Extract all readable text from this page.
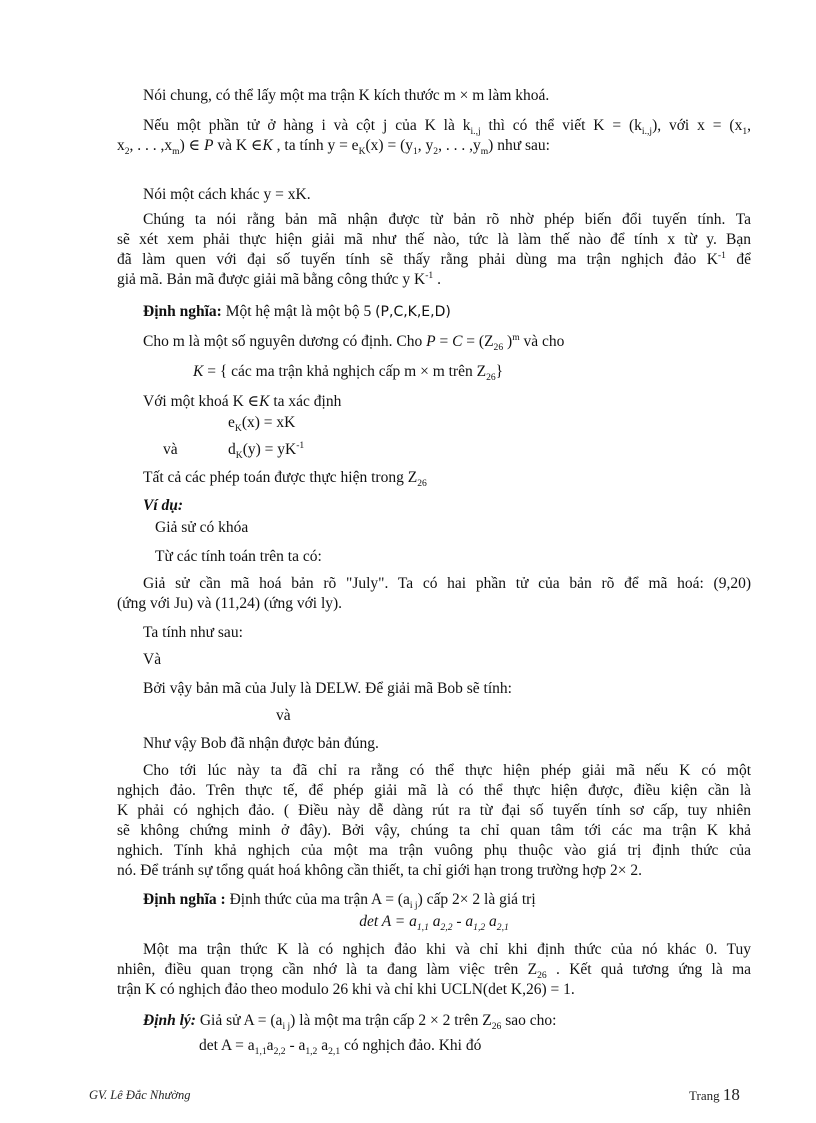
Nói chung, có thể lấy một ma trận K kích thước m × m làm khoá.
Nếu một phần tử ở hàng i và cột j của K là $k_{i.,j}$ thì có thể viết $K = (k_{i.,j})$, với $x = (x_1$,
$x_2$, . . . $,x_m$) ∈ P và K ∈K , ta tính $y = e_K(x) = (y_1$, $y_2$, . . . $,y_m$) như sau:
Nói một cách khác y = xK.
Chúng ta nói rằng bản mã nhận được từ bản rõ nhờ phép biến đổi tuyến tính. Ta
sẽ xét xem phải thực hiện giải mã như thế nào, tức là làm thế nào để tính x từ y. Bạn
đã làm quen với đại số tuyến tính sẽ thấy rằng phải dùng ma trận nghịch đảo $K^{-1}$ để
giả mã. Bản mã được giải mã bằng công thức y $K^{-1}$ .
Định nghĩa: Một hệ mật là một bộ 5 (P,C,K,E,D)
Cho m là một số nguyên dương có định. Cho $P = C = (Z_{26}$ )$^m$ và cho
K = { các ma trận khả nghịch cấp m × m trên $Z_{26}$}
Với một khoá K ∈K ta xác định
$e_K(x)$ = xK
và	$d_K(y) = yK^{-1}$
Tất cả các phép toán được thực hiện trong $Z_{26}$
Ví dụ:
Giả sử có khóa
Từ các tính toán trên ta có:
Giả sử cần mã hoá bản rõ "July". Ta có hai phần tử của bản rõ để mã hoá: (9,20)
(ứng với Ju) và (11,24) (ứng với ly).
Ta tính như sau:
Và
Bởi vậy bản mã của July là DELW. Để giải mã Bob sẽ tính:
và
Như vậy Bob đã nhận được bản đúng.
Cho tới lúc này ta đã chỉ ra rằng có thể thực hiện phép giải mã nếu K có một
nghịch đảo. Trên thực tế, để phép giải mã là có thể thực hiện được, điều kiện cần là
K phải có nghịch đảo. ( Điều này dễ dàng rút ra từ đại số tuyến tính sơ cấp, tuy nhiên
sẽ không chứng minh ở đây). Bởi vậy, chúng ta chỉ quan tâm tới các ma trận K khả
nghich. Tính khả nghịch của một ma trận vuông phụ thuộc vào giá trị định thức của
nó. Để tránh sự tổng quát hoá không cần thiết, ta chỉ giới hạn trong trường hợp 2× 2.
Định nghĩa : Định thức của ma trận $A = (a_{i j})$ cấp 2× 2 là giá trị
$\det A = a_{1,1}$ $a_{2,2} - a_{1,2}$ $a_{2,1}$
Một ma trận thức K là có nghịch đảo khi và chỉ khi định thức của nó khác 0. Tuy
nhiên, điều quan trọng cần nhớ là ta đang làm việc trên $Z_{26}$ . Kết quả tương ứng là ma
trận K có nghịch đảo theo modulo 26 khi và chỉ khi UCLN(det K,26) = 1.
Định lý: Giả sử $A = (a_{i j})$ là một ma trận cấp 2 × 2 trên $Z_{26}$ sao cho:
$\det A = a_{1,1}a_{2,2} - a_{1,2}$ $a_{2,1}$ có nghịch đảo. Khi đó
GV. Lê Đắc Nhường	Trang 18
